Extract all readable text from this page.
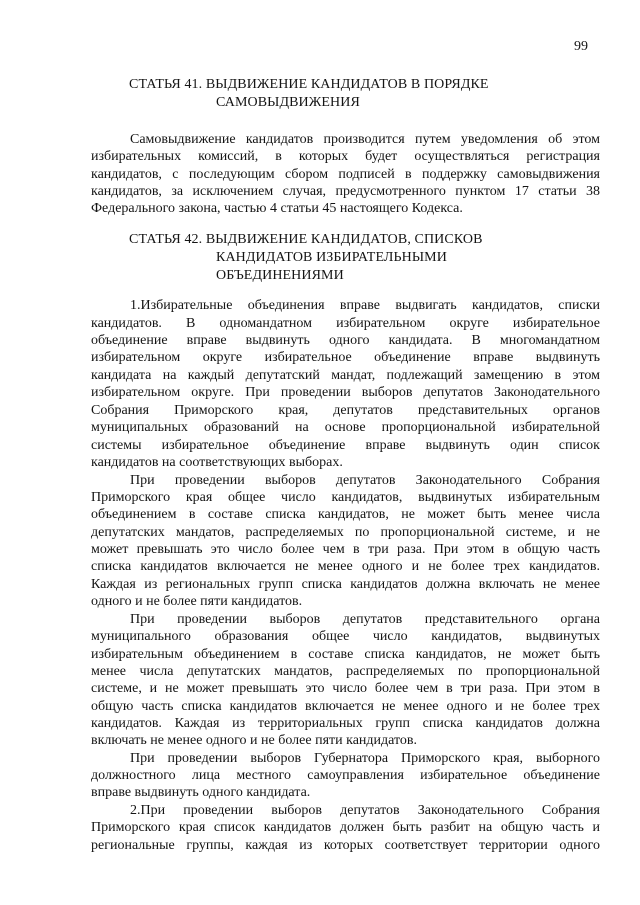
99
СТАТЬЯ 41. ВЫДВИЖЕНИЕ КАНДИДАТОВ В ПОРЯДКЕ
САМОВЫДВИЖЕНИЯ
Самовыдвижение кандидатов производится путем уведомления об этом
избирательных комиссий, в которых будет осуществляться регистрация
кандидатов, с последующим сбором подписей в поддержку самовыдвижения
кандидатов, за исключением случая, предусмотренного пунктом 17 статьи 38
Федерального закона, частью 4 статьи 45 настоящего Кодекса.
СТАТЬЯ 42. ВЫДВИЖЕНИЕ КАНДИДАТОВ, СПИСКОВ
КАНДИДАТОВ ИЗБИРАТЕЛЬНЫМИ
ОБЪЕДИНЕНИЯМИ
1.Избирательные объединения вправе выдвигать кандидатов, списки
кандидатов. В одномандатном избирательном округе избирательное
объединение вправе выдвинуть одного кандидата. В многомандатном
избирательном округе избирательное объединение вправе выдвинуть
кандидата на каждый депутатский мандат, подлежащий замещению в этом
избирательном округе. При проведении выборов депутатов Законодательного
Собрания Приморского края, депутатов представительных органов
муниципальных образований на основе пропорциональной избирательной
системы избирательное объединение вправе выдвинуть один список
кандидатов на соответствующих выборах.
При проведении выборов депутатов Законодательного Собрания
Приморского края общее число кандидатов, выдвинутых избирательным
объединением в составе списка кандидатов, не может быть менее числа
депутатских мандатов, распределяемых по пропорциональной системе, и не
может превышать это число более чем в три раза. При этом в общую часть
списка кандидатов включается не менее одного и не более трех кандидатов.
Каждая из региональных групп списка кандидатов должна включать не менее
одного и не более пяти кандидатов.
При проведении выборов депутатов представительного органа
муниципального образования общее число кандидатов, выдвинутых
избирательным объединением в составе списка кандидатов, не может быть
менее числа депутатских мандатов, распределяемых по пропорциональной
системе, и не может превышать это число более чем в три раза. При этом в
общую часть списка кандидатов включается не менее одного и не более трех
кандидатов. Каждая из территориальных групп списка кандидатов должна
включать не менее одного и не более пяти кандидатов.
При проведении выборов Губернатора Приморского края, выборного
должностного лица местного самоуправления избирательное объединение
вправе выдвинуть одного кандидата.
2.При проведении выборов депутатов Законодательного Собрания
Приморского края список кандидатов должен быть разбит на общую часть и
региональные группы, каждая из которых соответствует территории одного
